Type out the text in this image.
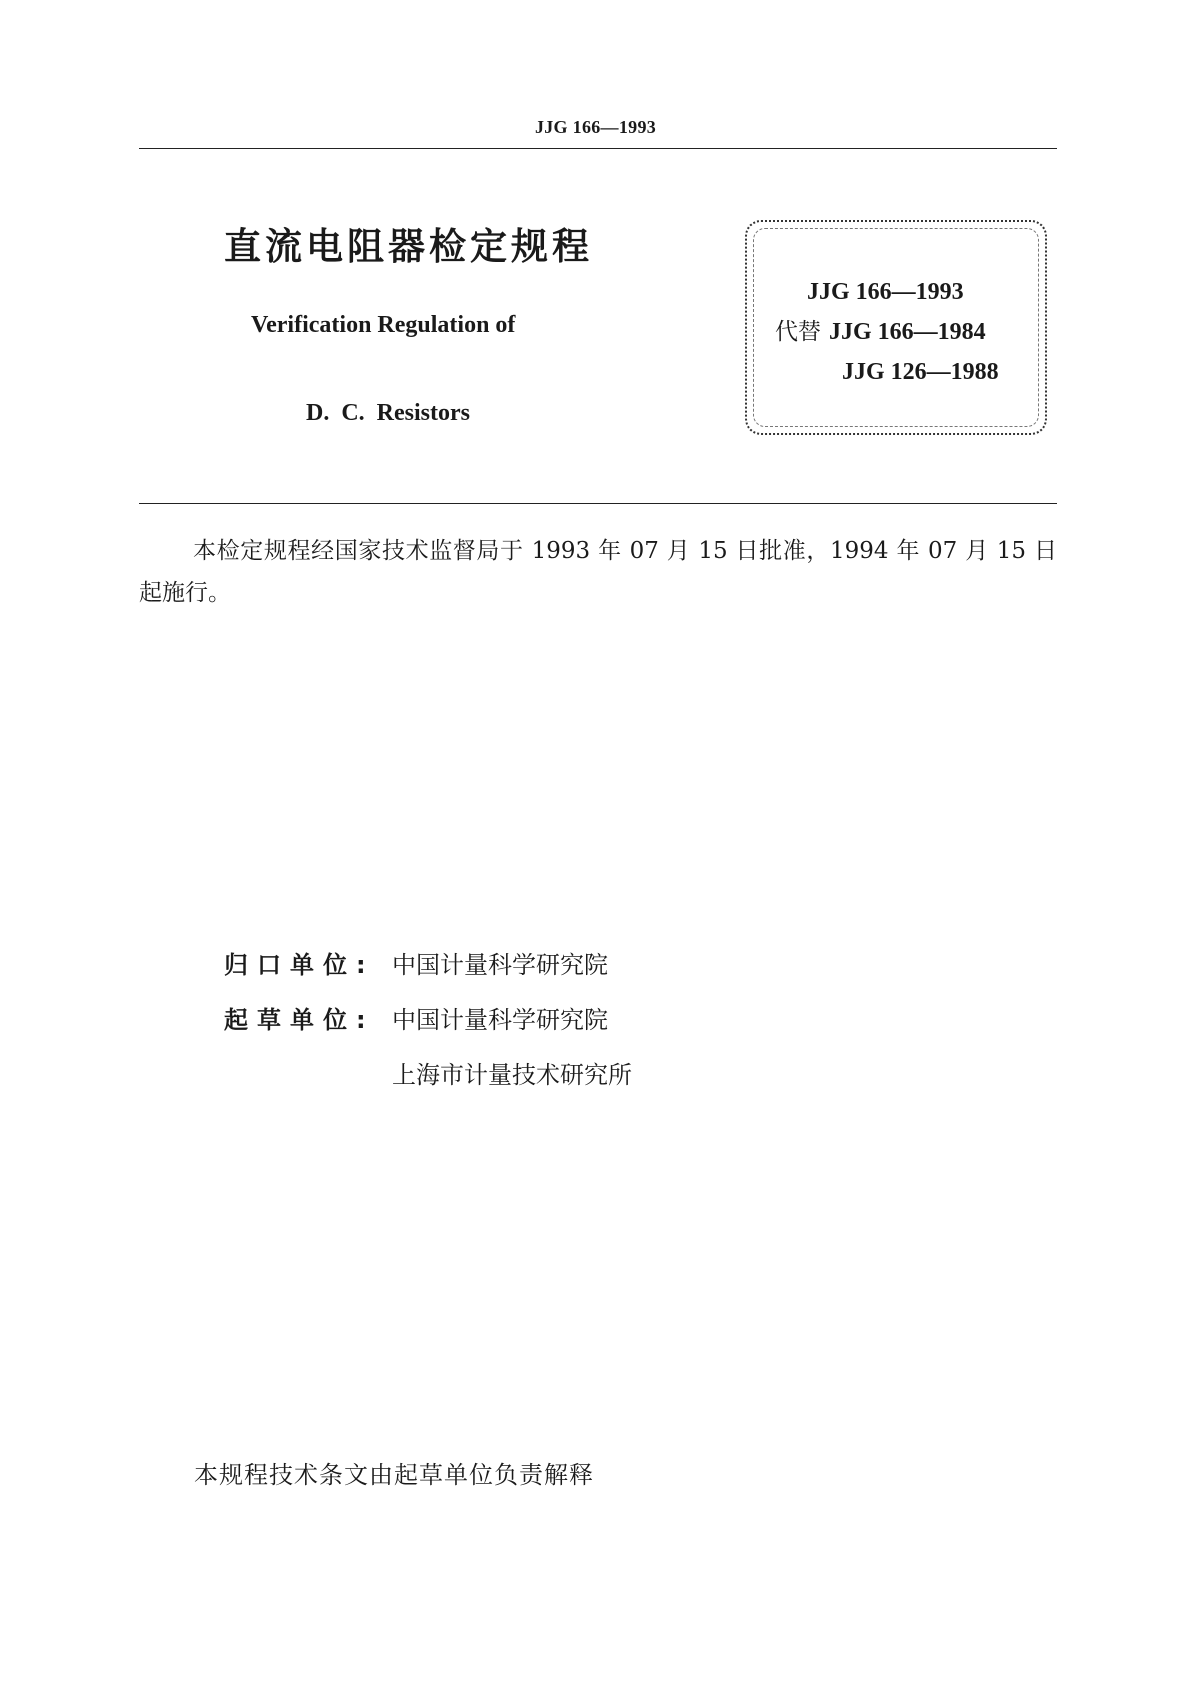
JJG 166—1993
直流电阻器检定规程
Verification Regulation of
D. C. Resistors
JJG 166—1993
代替 JJG 166—1984
JJG 126—1988
本检定规程经国家技术监督局于 1993 年 07 月 15 日批准，1994 年 07 月 15 日起施行。
归口单位: 中国计量科学研究院
起草单位: 中国计量科学研究院
上海市计量技术研究所
本规程技术条文由起草单位负责解释
